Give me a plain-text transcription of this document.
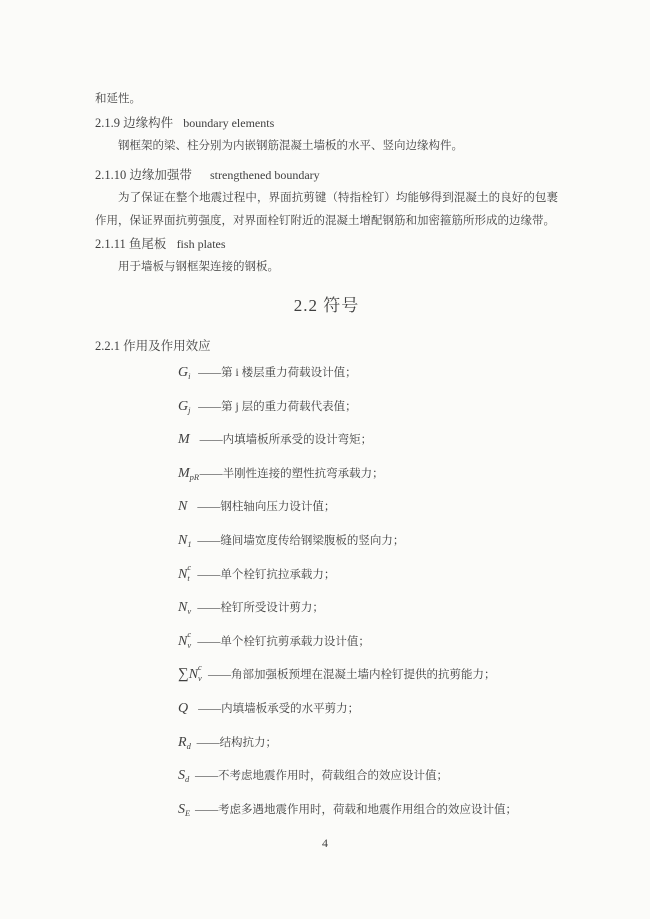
和延性。

2.1.9 边缘构件 boundary elements

钢框架的梁、柱分别为内嵌钢筋混凝土墙板的水平、竖向边缘构件。

2.1.10 边缘加强带 strengthened boundary

为了保证在整个地震过程中，界面抗剪键（特指栓钉）均能够得到混凝土的良好的包裹作用，保证界面抗剪强度，对界面栓钉附近的混凝土增配钢筋和加密箍筋所形成的边缘带。

2.1.11 鱼尾板 fish plates

用于墙板与钢框架连接的钢板。

2.2 符号
2.2.1 作用及作用效应
G i ——第 i 楼层重力荷载设计值；
G j ——第 j 层的重力荷载代表值；
M ——内填墙板所承受的设计弯矩；
M pR ——半刚性连接的塑性抗弯承载力；
N ——钢柱轴向压力设计值；
N 1 ——缝间墙宽度传给钢梁腹板的竖向力；
N c
t ——单个栓钉抗拉承载力；
N v ——栓钉所受设计剪力；
N c
v ——单个栓钉抗剪承载力设计值；
∑N c
v ——角部加强板预埋在混凝土墙内栓钉提供的抗剪能力；
Q ——内填墙板承受的水平剪力；
R d ——结构抗力；
S d ——不考虑地震作用时，荷载组合的效应设计值；
S E ——考虑多遇地震作用时，荷载和地震作用组合的效应设计值；
4
